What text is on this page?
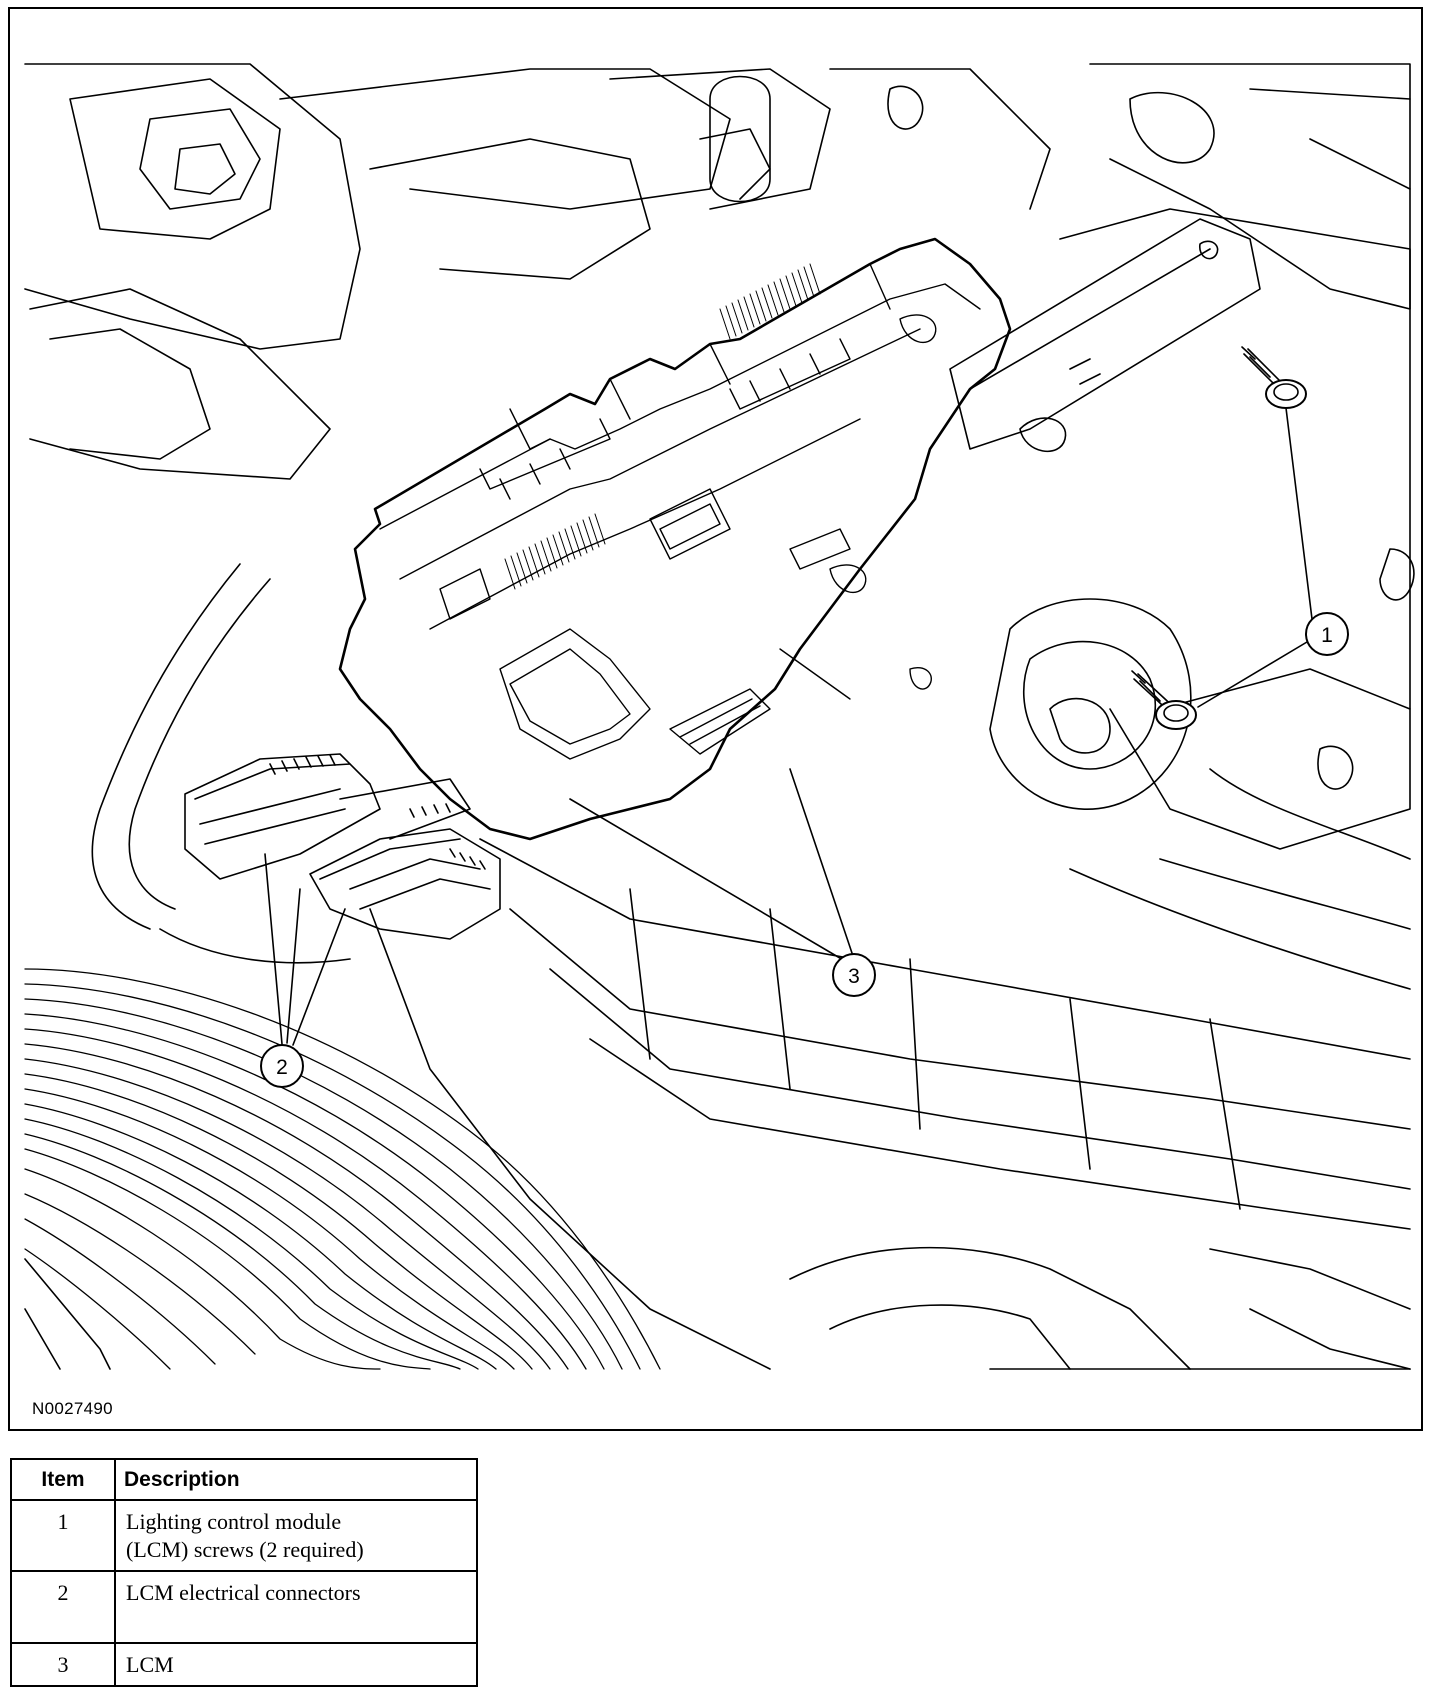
1
3
2
N0027490
Item	Description
1	Lighting control module
(LCM) screws (2 required)

2	LCM electrical connectors

3	LCM
